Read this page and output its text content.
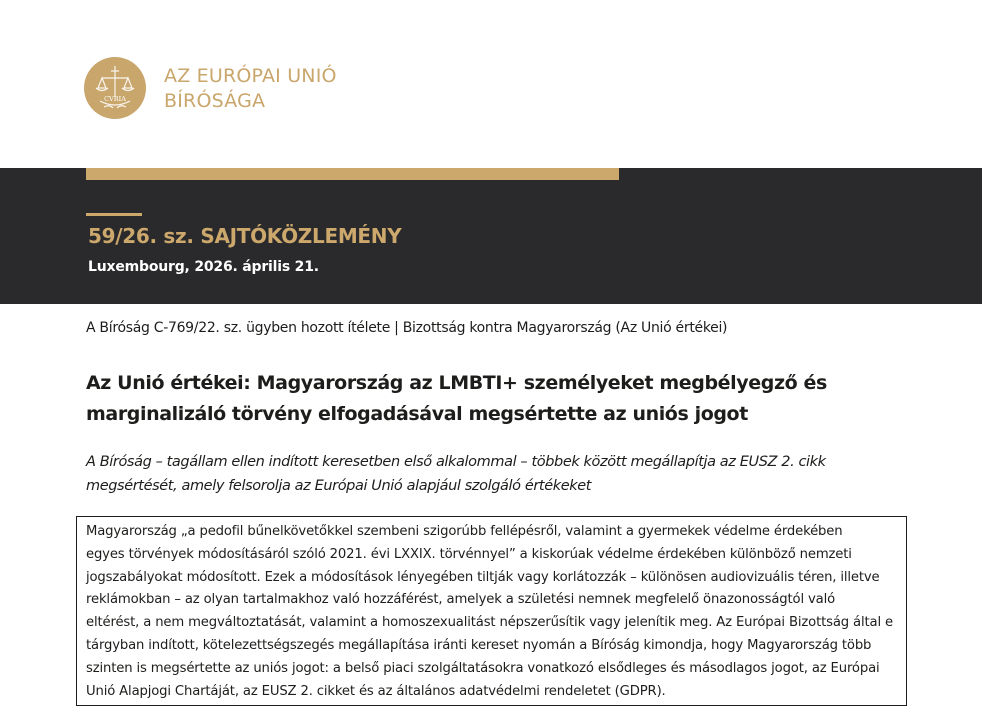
CVRIA
AZ EURÓPAI UNIÓ
BÍRÓSÁGA
59/26. sz. SAJTÓKÖZLEMÉNY
Luxembourg, 2026. április 21.
A Bíróság C-769/22. sz. ügyben hozott ítélete | Bizottság kontra Magyarország (Az Unió értékei)
Az Unió értékei: Magyarország az LMBTI+ személyeket megbélyegző és
marginalizáló törvény elfogadásával megsértette az uniós jogot
A Bíróság – tagállam ellen indított keresetben első alkalommal – többek között megállapítja az EUSZ 2. cikk
megsértését, amely felsorolja az Európai Unió alapjául szolgáló értékeket

Magyarország „a pedofil bűnelkövetőkkel szembeni szigorúbb fellépésről, valamint a gyermekek védelme érdekében

egyes törvények módosításáról szóló 2021. évi LXXIX. törvénnyel” a kiskorúak védelme érdekében különböző nemzeti

jogszabályokat módosított. Ezek a módosítások lényegében tiltják vagy korlátozzák – különösen audiovizuális téren, illetve

reklámokban – az olyan tartalmakhoz való hozzáférést, amelyek a születési nemnek megfelelő önazonosságtól való

eltérést, a nem megváltoztatását, valamint a homoszexualitást népszerűsítik vagy jelenítik meg. Az Európai Bizottság által e

tárgyban indított, kötelezettségszegés megállapítása iránti kereset nyomán a Bíróság kimondja, hogy Magyarország több

szinten is megsértette az uniós jogot: a belső piaci szolgáltatásokra vonatkozó elsődleges és másodlagos jogot, az Európai

Unió Alapjogi Chartáját, az EUSZ 2. cikket és az általános adatvédelmi rendeletet (GDPR).
